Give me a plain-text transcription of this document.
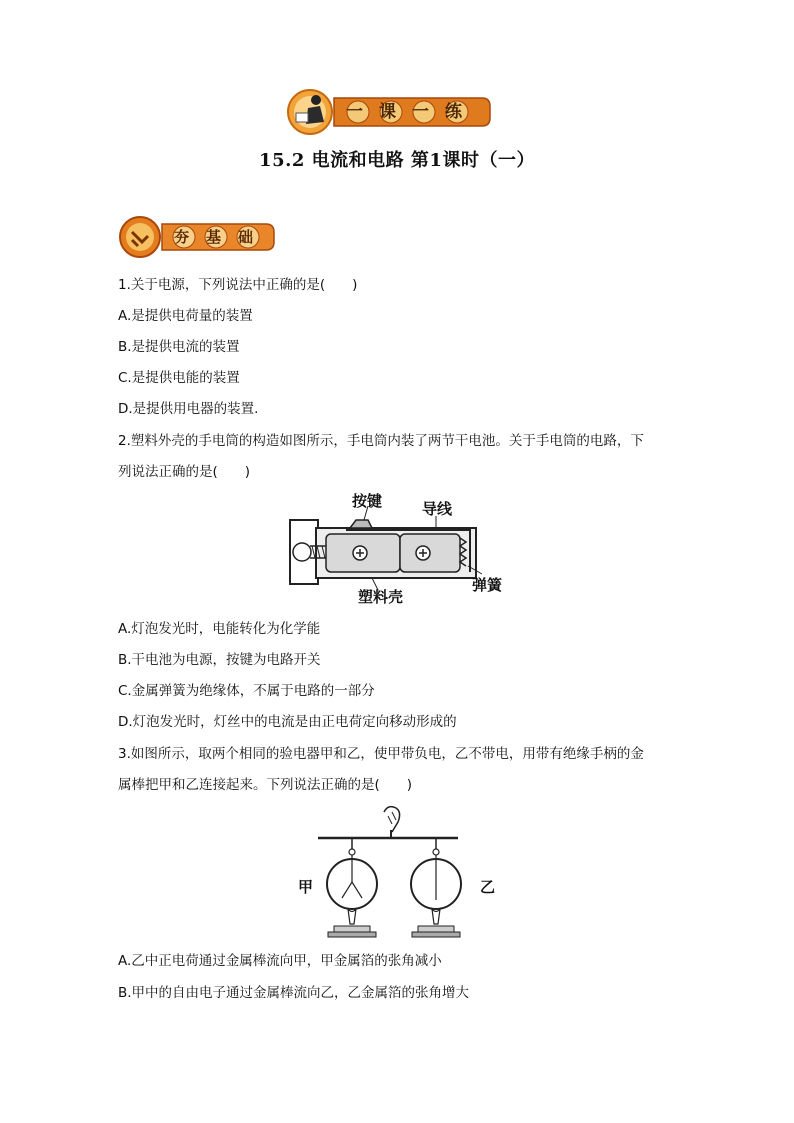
一课一练
15.2 电流和电路 第1课时（一）
夯基础
1.关于电源，下列说法中正确的是(　　)
A.是提供电荷量的装置
B.是提供电流的装置
C.是提供电能的装置
D.是提供用电器的装置.
2.塑料外壳的手电筒的构造如图所示，手电筒内装了两节干电池。关于手电筒的电路，下
列说法正确的是(　　)
按键	导线
弹簧
塑料壳
A.灯泡发光时，电能转化为化学能
B.干电池为电源，按键为电路开关
C.金属弹簧为绝缘体，不属于电路的一部分
D.灯泡发光时，灯丝中的电流是由正电荷定向移动形成的
3.如图所示，取两个相同的验电器甲和乙，使甲带负电，乙不带电，用带有绝缘手柄的金
属棒把甲和乙连接起来。下列说法正确的是(　　)
甲	乙
A.乙中正电荷通过金属棒流向甲，甲金属箔的张角减小
B.甲中的自由电子通过金属棒流向乙，乙金属箔的张角增大
